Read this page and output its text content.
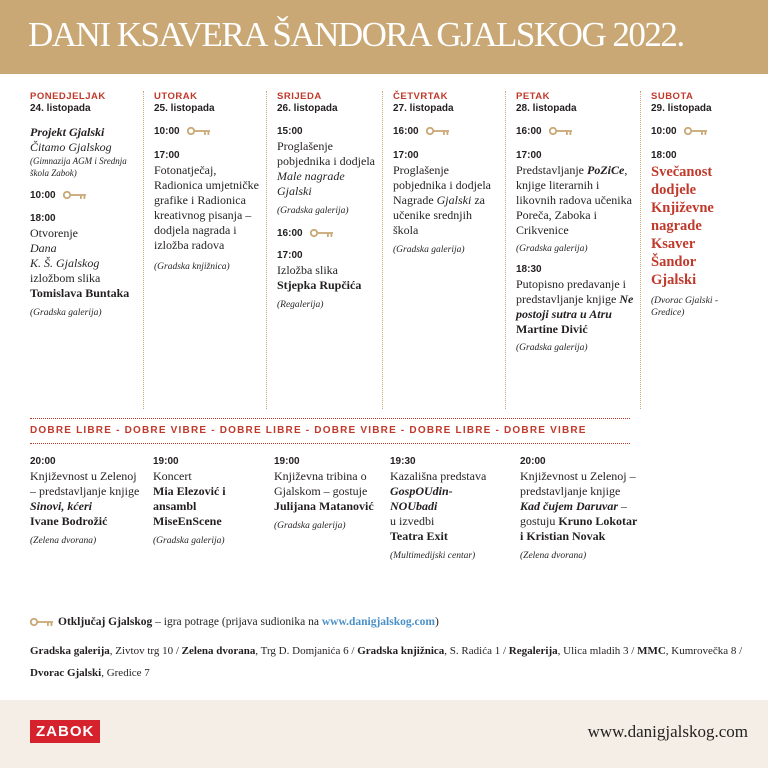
DANI KSAVERA ŠANDORA GJALSKOG 2022.
PONEDJELJAK
24. listopada
Projekt Gjalski
Čitamo Gjalskog
(Gimnazija AGM i Srednja škola Zabok)
10:00
18:00
Otvorenje
Dana
K. Š. Gjalskog
izložbom slika
Tomislava Buntaka
(Gradska galerija)
UTORAK
25. listopada
10:00
17:00
Fotonatječaj, Radionica umjetničke grafike i Radionica kreativnog pisanja – dodjela nagrada i izložba radova
(Gradska knjižnica)
SRIJEDA
26. listopada
15:00
Proglašenje pobjednika i dodjela Male nagrade Gjalski
(Gradska galerija)
16:00
17:00
Izložba slika
Stjepka Rupčića
(Regalerija)
ČETVRTAK
27. listopada
16:00
17:00
Proglašenje pobjednika i dodjela Nagrade Gjalski za učenike srednjih škola
(Gradska galerija)
PETAK
28. listopada
16:00
17:00
Predstavljanje PoZiCe, knjige literarnih i likovnih radova učenika Poreča, Zaboka i Crikvenice
(Gradska galerija)
18:30
Putopisno predavanje i predstavljanje knjige Ne postoji sutra u Atru Martine Divić
(Gradska galerija)
SUBOTA
29. listopada
10:00
18:00
Svečanost dodjele Književne nagrade Ksaver Šandor Gjalski
(Dvorac Gjalski - Gredice)
DOBRE LIBRE - DOBRE VIBRE - DOBRE LIBRE - DOBRE VIBRE - DOBRE LIBRE - DOBRE VIBRE
20:00
Književnost u Zelenoj – predstavljanje knjige
Sinovi, kćeri
Ivane Bodrožić
(Zelena dvorana)
19:00
Koncert
Mia Elezović i ansambl MiseEnScene
(Gradska galerija)
19:00
Književna tribina o Gjalskom – gostuje Julijana Matanović
(Gradska galerija)
19:30
Kazališna predstava
GospOUdin-NOUbadi
u izvedbi
Teatra Exit
(Multimedijski centar)
20:00
Književnost u Zelenoj – predstavljanje knjige Kad čujem Daruvar – gostuju Kruno Lokotar i Kristian Novak
(Zelena dvorana)
Otključaj Gjalskog – igra potrage (prijava sudionika na www.danigjalskog.com)
Gradska galerija, Zivtov trg 10 / Zelena dvorana, Trg D. Domjanića 6 / Gradska knjižnica, S. Radića 1 / Regalerija, Ulica mladih 3 / MMC, Kumrovečka 8 / Dvorac Gjalski, Gredice 7
ZABOK	www.danigjalskog.com
